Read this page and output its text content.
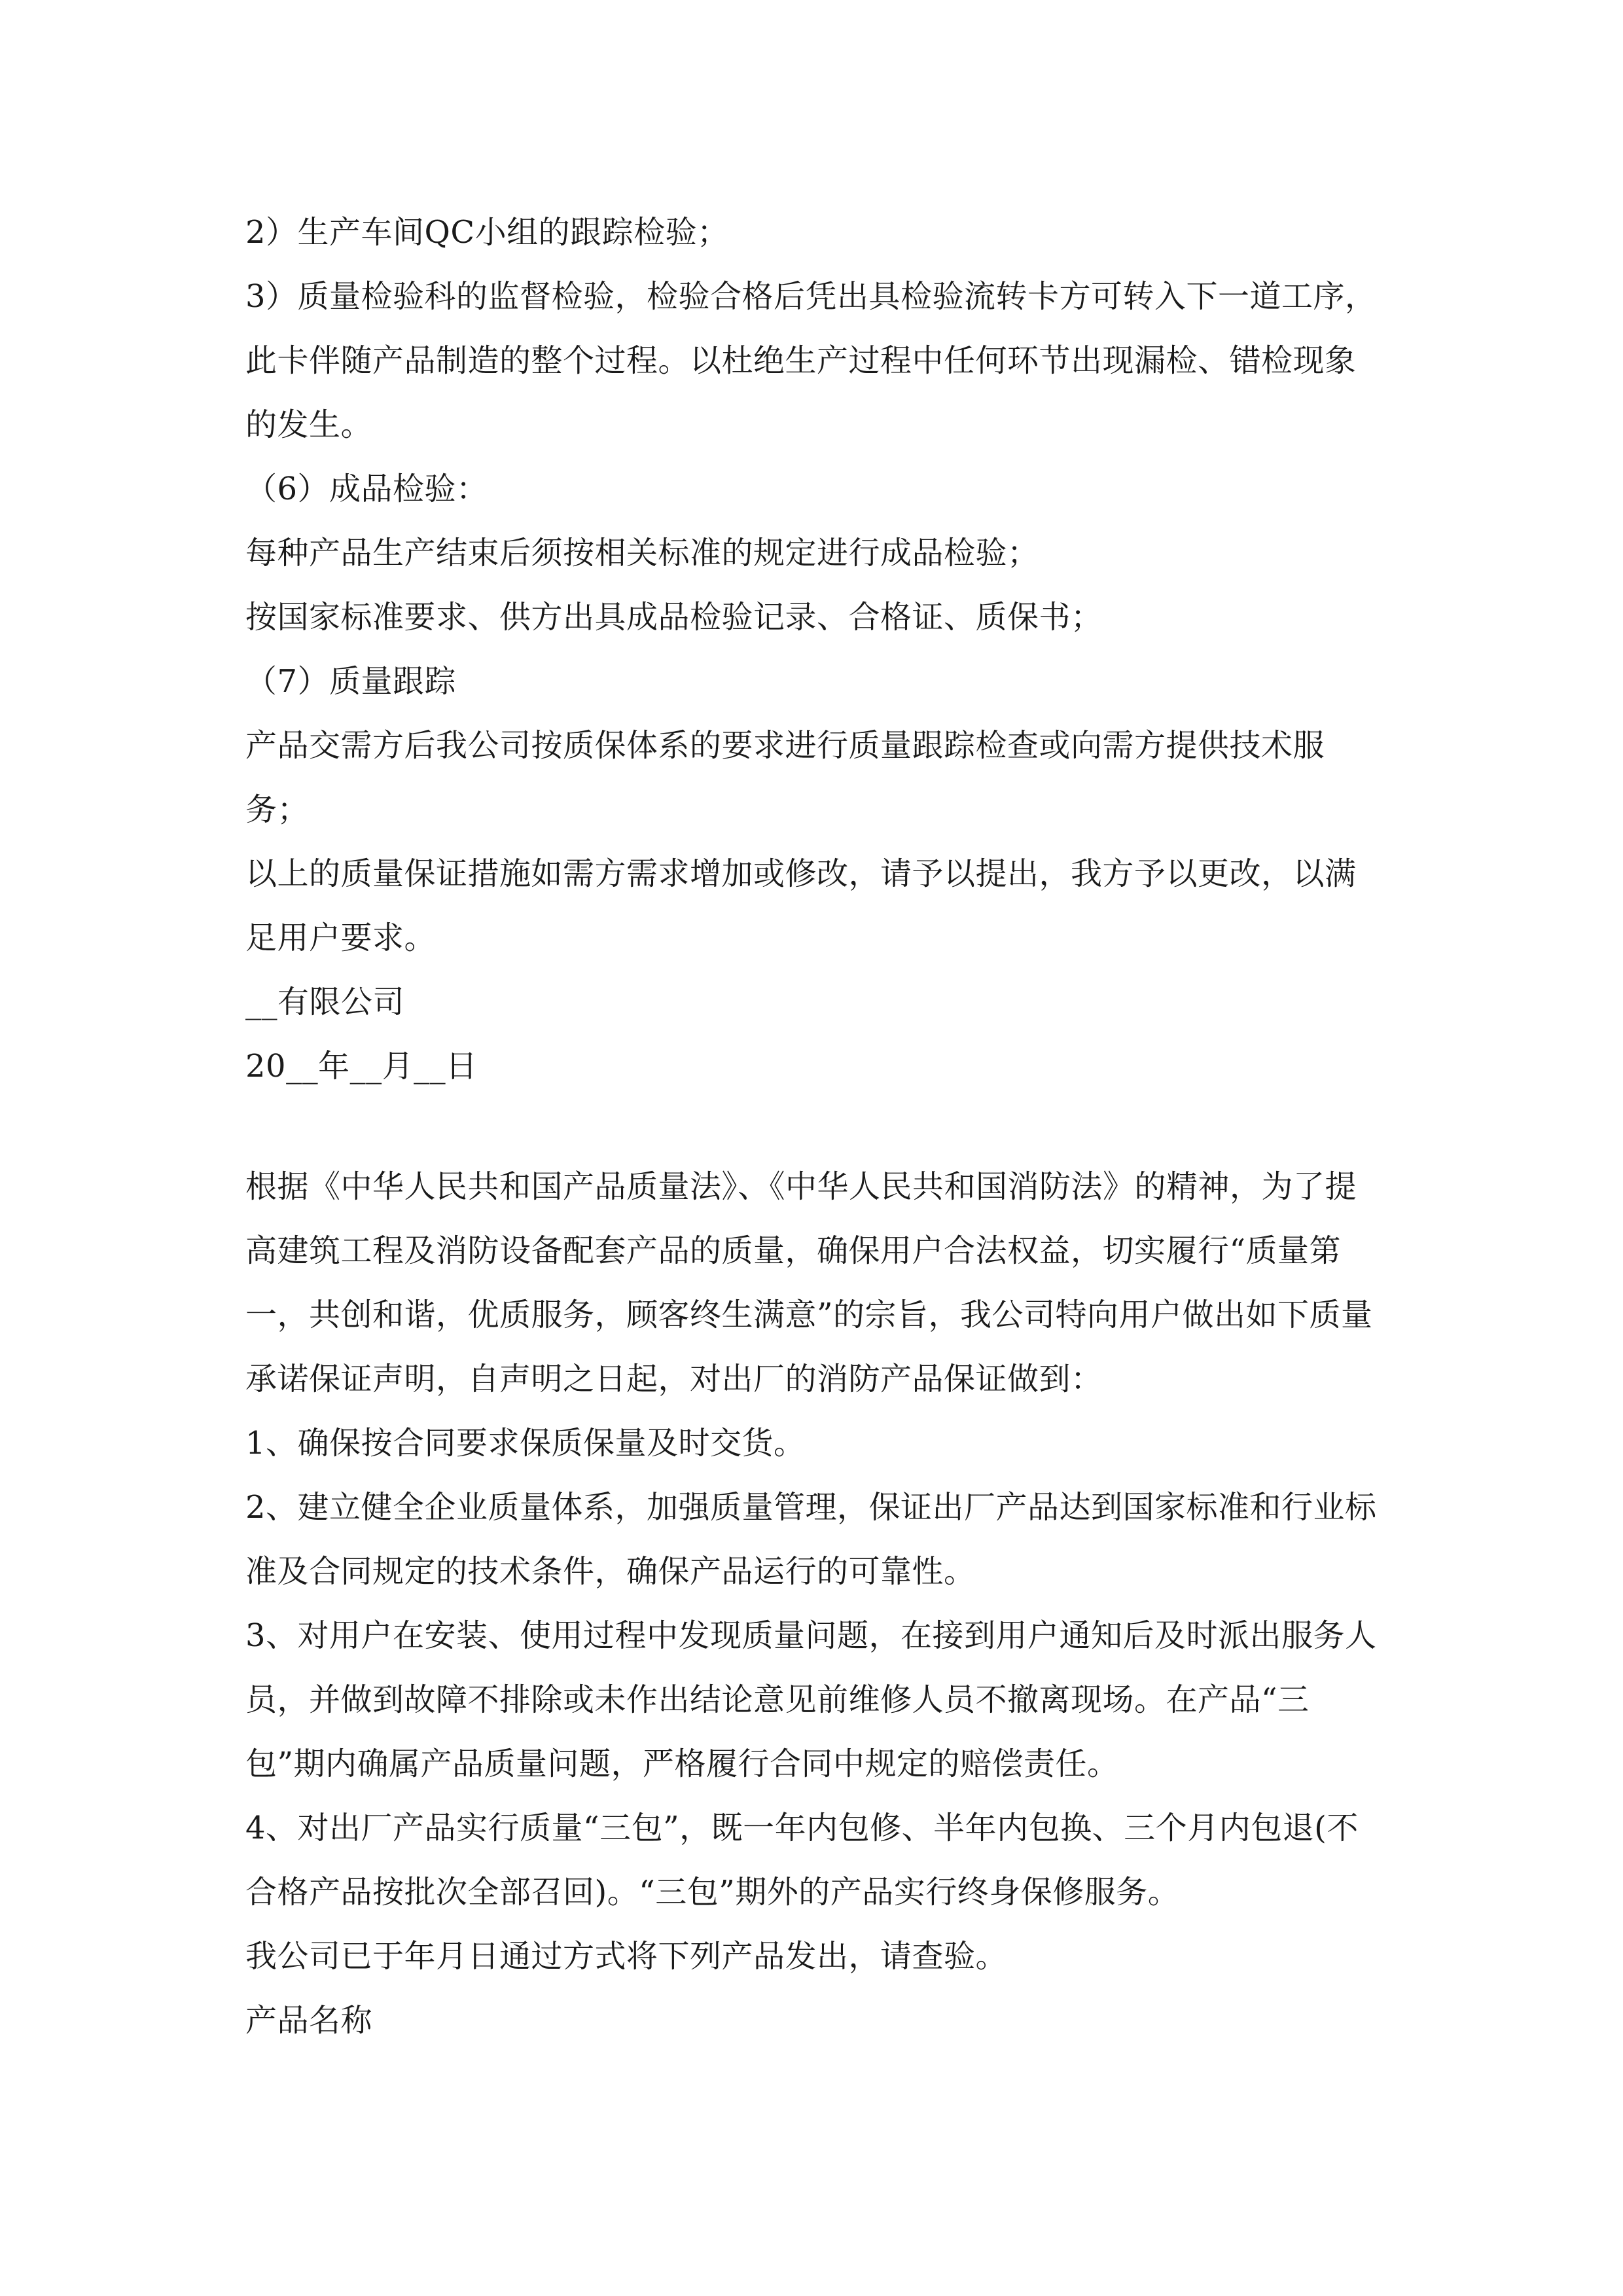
2）生产车间QC小组的跟踪检验；

3）质量检验科的监督检验，检验合格后凭出具检验流转卡方可转入下一道工序，此卡伴随产品制造的整个过程。以杜绝生产过程中任何环节出现漏检、错检现象的发生。

（6）成品检验：

每种产品生产结束后须按相关标准的规定进行成品检验；

按国家标准要求、供方出具成品检验记录、合格证、质保书；

（7）质量跟踪

产品交需方后我公司按质保体系的要求进行质量跟踪检查或向需方提供技术服务；

以上的质量保证措施如需方需求增加或修改，请予以提出，我方予以更改，以满足用户要求。

__有限公司

20__年__月__日

根据《中华人民共和国产品质量法》、《中华人民共和国消防法》的精神，为了提高建筑工程及消防设备配套产品的质量，确保用户合法权益，切实履行“质量第一，共创和谐，优质服务，顾客终生满意”的宗旨，我公司特向用户做出如下质量承诺保证声明，自声明之日起，对出厂的消防产品保证做到：

1、确保按合同要求保质保量及时交货。

2、建立健全企业质量体系，加强质量管理，保证出厂产品达到国家标准和行业标准及合同规定的技术条件，确保产品运行的可靠性。

3、对用户在安装、使用过程中发现质量问题，在接到用户通知后及时派出服务人员，并做到故障不排除或未作出结论意见前维修人员不撤离现场。在产品“三包”期内确属产品质量问题，严格履行合同中规定的赔偿责任。

4、对出厂产品实行质量“三包”，既一年内包修、半年内包换、三个月内包退(不合格产品按批次全部召回)。“三包”期外的产品实行终身保修服务。

我公司已于年月日通过方式将下列产品发出，请查验。

产品名称
